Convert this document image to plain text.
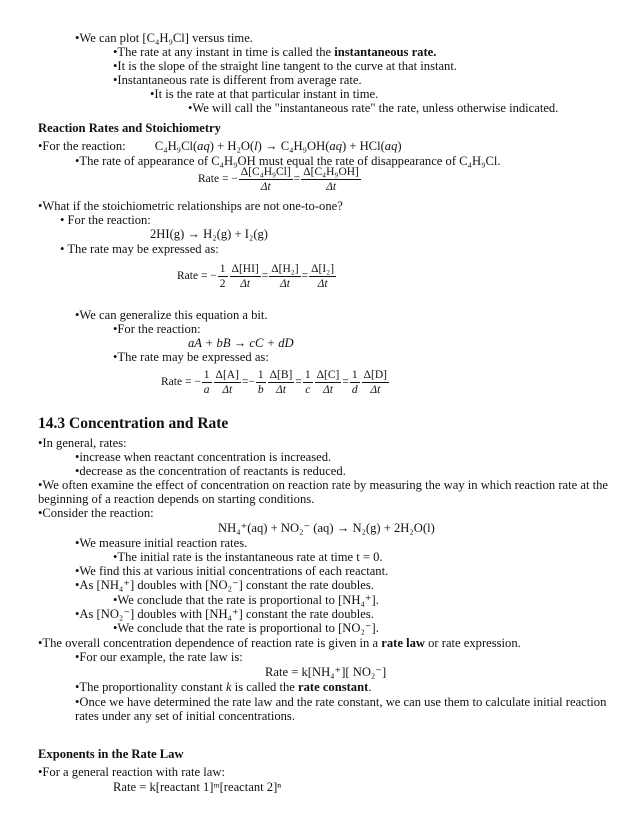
•We can plot [C₄H₉Cl] versus time.
•The rate at any instant in time is called the instantaneous rate.
•It is the slope of the straight line tangent to the curve at that instant.
•Instantaneous rate is different from average rate.
•It is the rate at that particular instant in time.
•We will call the "instantaneous rate" the rate, unless otherwise indicated.
Reaction Rates and Stoichiometry
•For the reaction: C₄H₉Cl(aq) + H₂O(l) → C₄H₉OH(aq) + HCl(aq)
•The rate of appearance of C₄H₉OH must equal the rate of disappearance of C₄H₉Cl.
Rate = − $\frac{\text{Δ[C₄H₉Cl]}}{\Delta t} = \frac{\text{Δ[C₄H₉OH]}}{\Delta t}$
•What if the stoichiometric relationships are not one-to-one?
• For the reaction:
2HI(g) → H₂(g) + I₂(g)
• The rate may be expressed as:
Rate = − $\frac{1}{2} \frac{\Delta[HI]}{\Delta t} = \frac{\text{Δ[H₂]}}{\Delta t} = \frac{\text{Δ[I₂]}}{\Delta t}$
•We can generalize this equation a bit.
•For the reaction:
aA + bB → cC + dD
•The rate may be expressed as:
Rate = − $\frac{1}{a} \frac{\Delta[A]}{\Delta t} =- \frac{1}{b} \frac{\Delta[B]}{\Delta t} = \frac{1}{c} \frac{\Delta[C]}{\Delta t} = \frac{1}{d} \frac{\Delta[D]}{\Delta t}$
14.3 Concentration and Rate
•In general, rates:
•increase when reactant concentration is increased.
•decrease as the concentration of reactants is reduced.
•We often examine the effect of concentration on reaction rate by measuring the way in which reaction rate at the
beginning of a reaction depends on starting conditions.
•Consider the reaction:
NH₄⁺(aq) + NO₂⁻ (aq) → N₂(g) + 2H₂O(l)
•We measure initial reaction rates.
•The initial rate is the instantaneous rate at time t = 0.
•We find this at various initial concentrations of each reactant.
•As [NH₄⁺] doubles with [NO₂⁻] constant the rate doubles.
•We conclude that the rate is proportional to [NH₄⁺].
•As [NO₂⁻] doubles with [NH₄⁺] constant the rate doubles.
•We conclude that the rate is proportional to [NO₂⁻].
•The overall concentration dependence of reaction rate is given in a rate law or rate expression.
•For our example, the rate law is:
Rate = k[NH₄⁺][ NO₂⁻]
•The proportionality constant k is called the rate constant.
•Once we have determined the rate law and the rate constant, we can use them to calculate initial reaction
rates under any set of initial concentrations.
Exponents in the Rate Law
•For a general reaction with rate law:
Rate = k[reactant 1]ᵐ[reactant 2]ⁿ
